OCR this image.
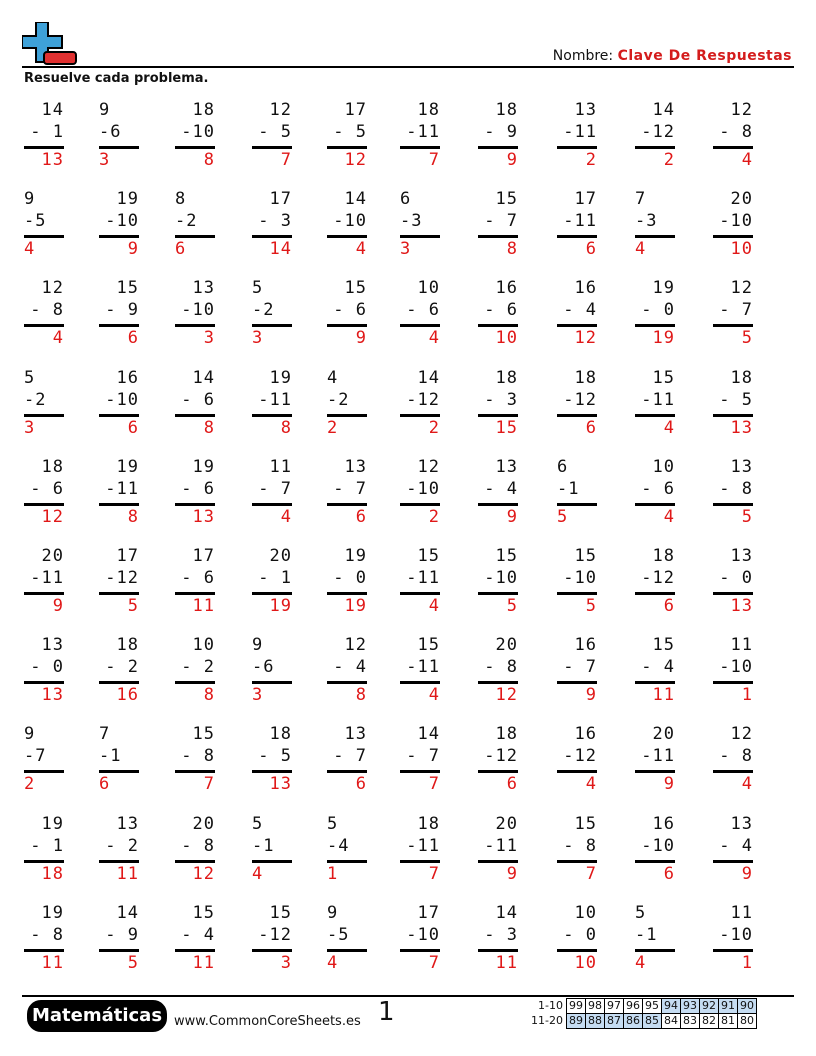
Nombre: Clave De Respuestas
Resuelve cada problema.
14
- 1
13
9
-6
3
18
-10
8
12
- 5
7
17
- 5
12
18
-11
7
18
- 9
9
13
-11
2
14
-12
2
12
- 8
4
9
-5
4
19
-10
9
8
-2
6
17
- 3
14
14
-10
4
6
-3
3
15
- 7
8
17
-11
6
7
-3
4
20
-10
10
12
- 8
4
15
- 9
6
13
-10
3
5
-2
3
15
- 6
9
10
- 6
4
16
- 6
10
16
- 4
12
19
- 0
19
12
- 7
5
5
-2
3
16
-10
6
14
- 6
8
19
-11
8
4
-2
2
14
-12
2
18
- 3
15
18
-12
6
15
-11
4
18
- 5
13
18
- 6
12
19
-11
8
19
- 6
13
11
- 7
4
13
- 7
6
12
-10
2
13
- 4
9
6
-1
5
10
- 6
4
13
- 8
5
20
-11
9
17
-12
5
17
- 6
11
20
- 1
19
19
- 0
19
15
-11
4
15
-10
5
15
-10
5
18
-12
6
13
- 0
13
13
- 0
13
18
- 2
16
10
- 2
8
9
-6
3
12
- 4
8
15
-11
4
20
- 8
12
16
- 7
9
15
- 4
11
11
-10
1
9
-7
2
7
-1
6
15
- 8
7
18
- 5
13
13
- 7
6
14
- 7
7
18
-12
6
16
-12
4
20
-11
9
12
- 8
4
19
- 1
18
13
- 2
11
20
- 8
12
5
-1
4
5
-4
1
18
-11
7
20
-11
9
15
- 8
7
16
-10
6
13
- 4
9
19
- 8
11
14
- 9
5
15
- 4
11
15
-12
3
9
-5
4
17
-10
7
14
- 3
11
10
- 0
10
5
-1
4
11
-10
1
Matemáticas www.CommonCoreSheets.es 1	1-10	99	98	97	96	95	94	93	92	91	90
11-20	89	88	87	86	85	84	83	82	81	80
